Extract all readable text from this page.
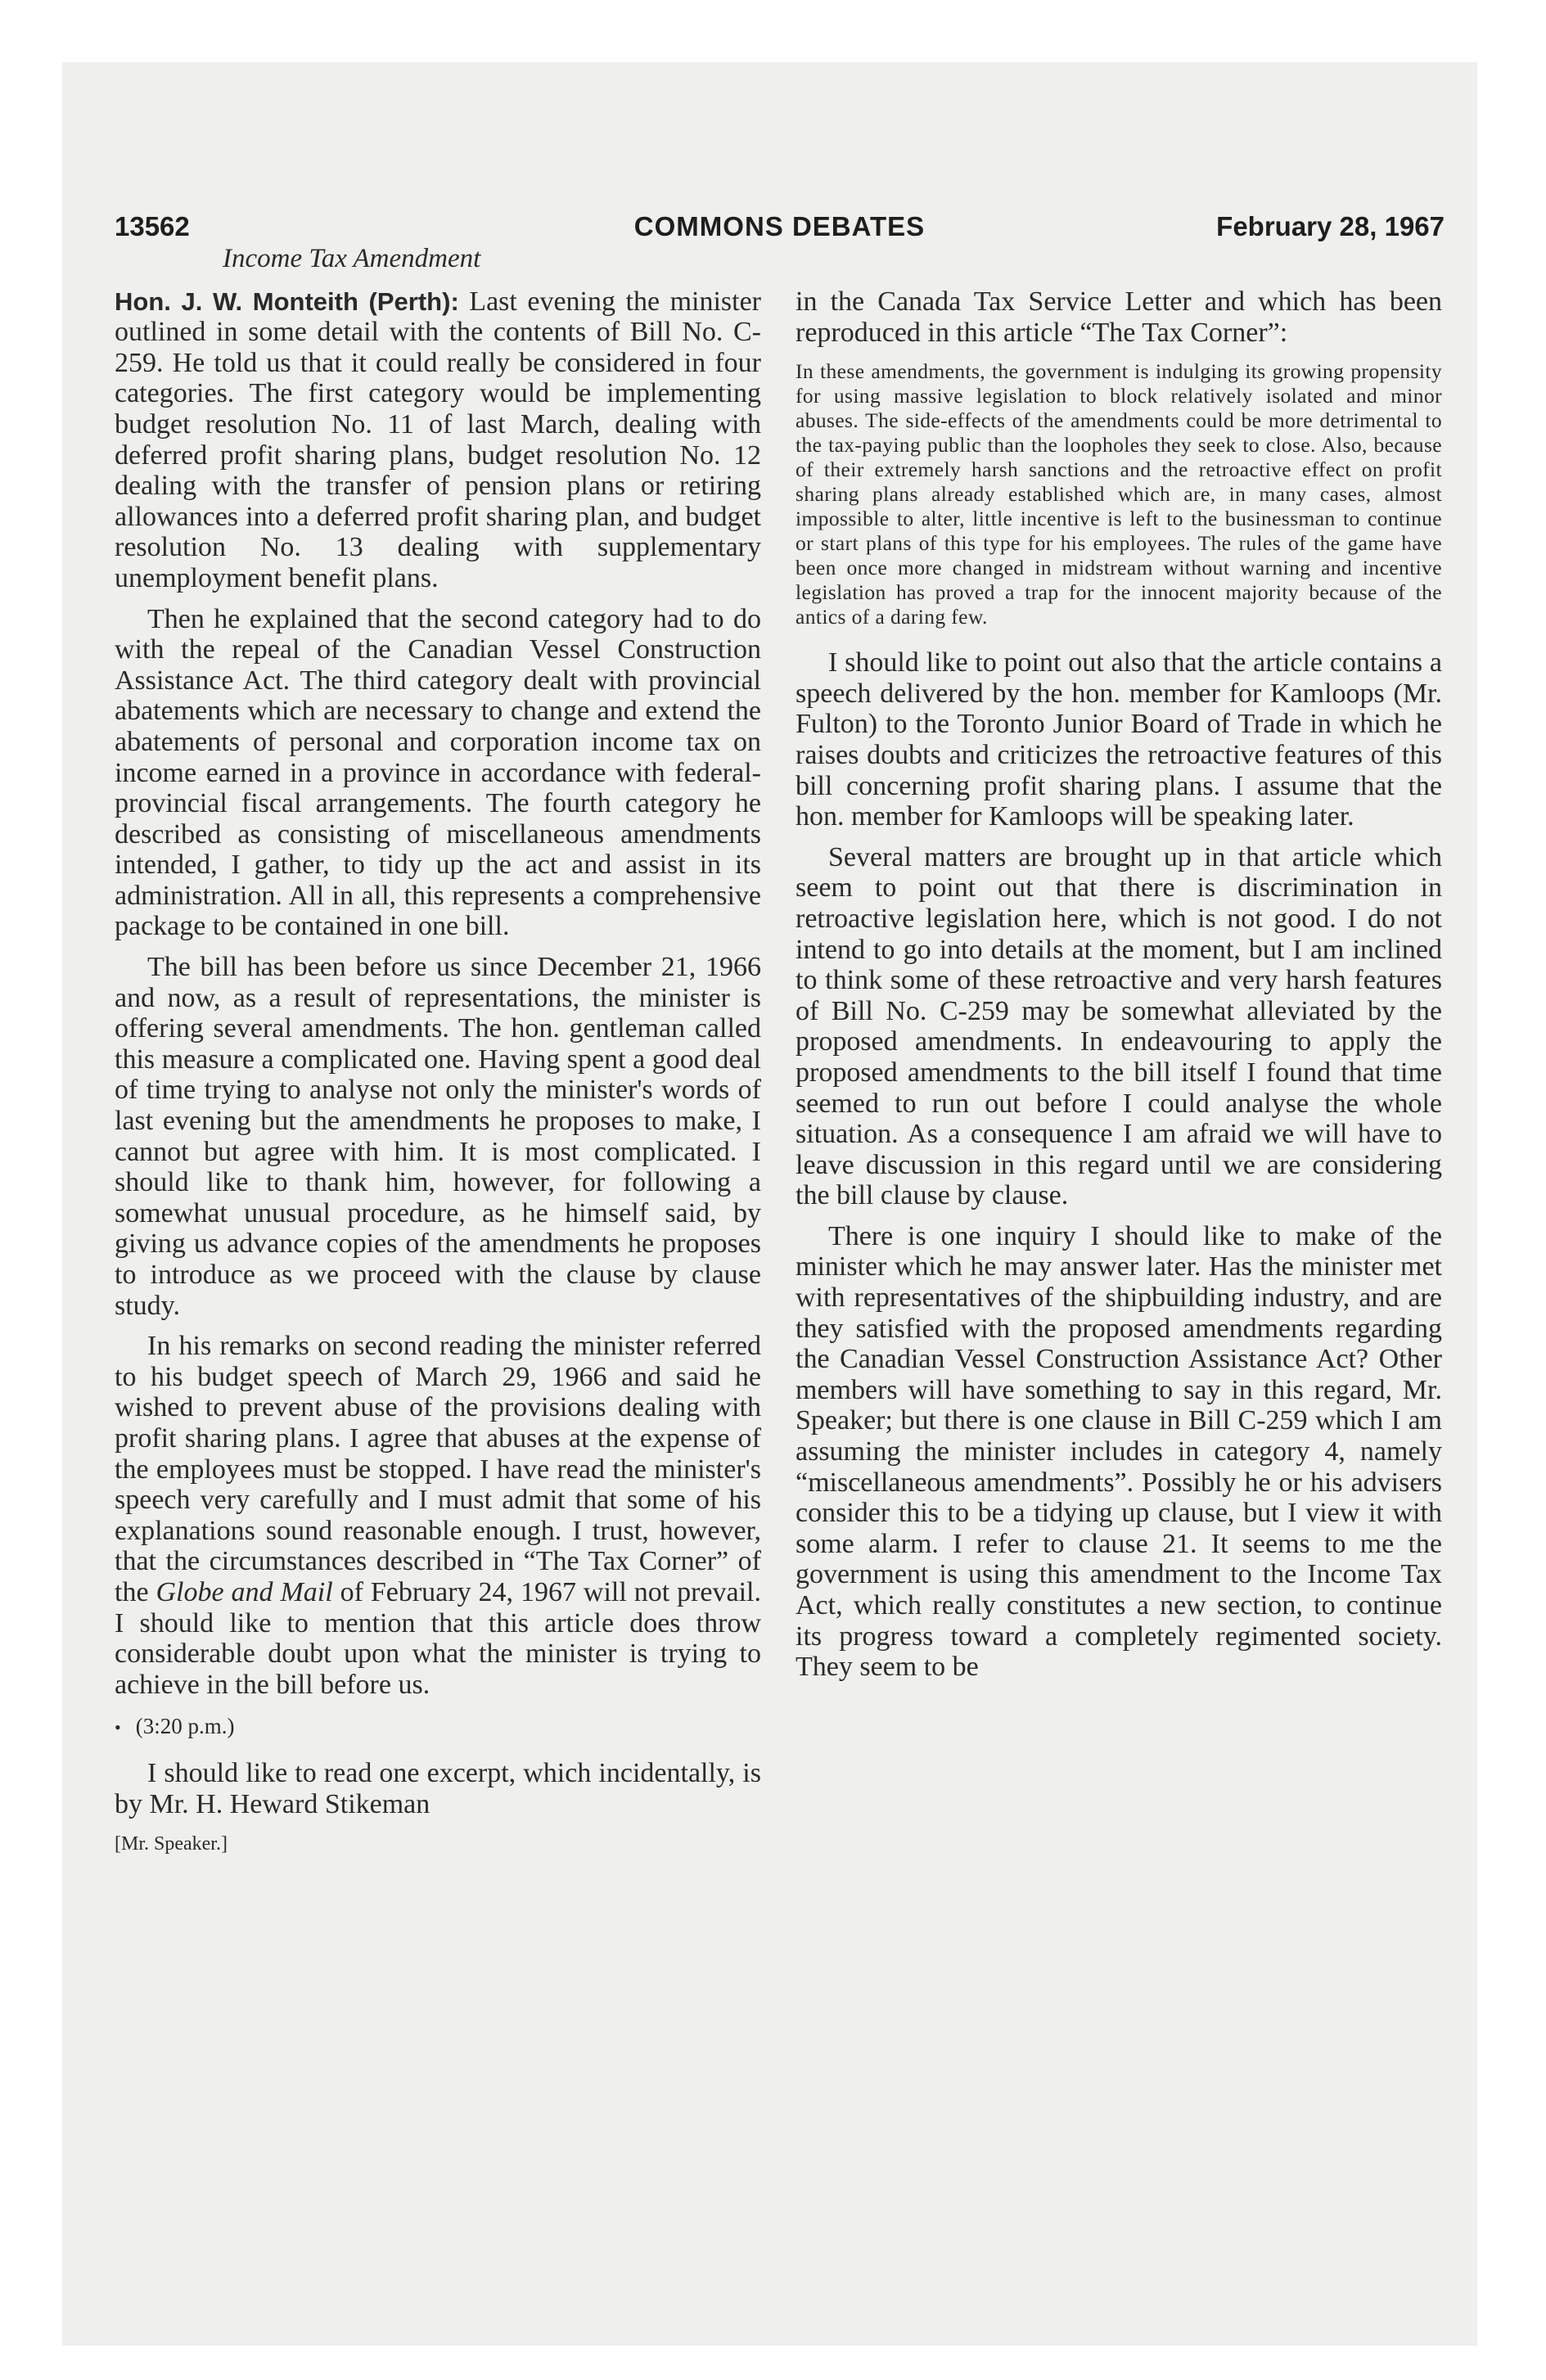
13562	COMMONS DEBATES	February 28, 1967
Income Tax Amendment

Hon. J. W. Monteith (Perth): Last evening the minister outlined in some detail with the contents of Bill No. C-259. He told us that it could really be considered in four categories. The first category would be implementing budget resolution No. 11 of last March, dealing with deferred profit sharing plans, budget resolution No. 12 dealing with the transfer of pension plans or retiring allowances into a deferred profit sharing plan, and budget resolution No. 13 dealing with supplementary unemployment benefit plans.

Then he explained that the second category had to do with the repeal of the Canadian Vessel Construction Assistance Act. The third category dealt with provincial abatements which are necessary to change and extend the abatements of personal and corporation income tax on income earned in a province in accordance with federal-provincial fiscal arrangements. The fourth category he described as consisting of miscellaneous amendments intended, I gather, to tidy up the act and assist in its administration. All in all, this represents a comprehensive package to be contained in one bill.

The bill has been before us since December 21, 1966 and now, as a result of representations, the minister is offering several amendments. The hon. gentleman called this measure a complicated one. Having spent a good deal of time trying to analyse not only the minister's words of last evening but the amendments he proposes to make, I cannot but agree with him. It is most complicated. I should like to thank him, however, for following a somewhat unusual procedure, as he himself said, by giving us advance copies of the amendments he proposes to introduce as we proceed with the clause by clause study.

In his remarks on second reading the minister referred to his budget speech of March 29, 1966 and said he wished to prevent abuse of the provisions dealing with profit sharing plans. I agree that abuses at the expense of the employees must be stopped. I have read the minister's speech very carefully and I must admit that some of his explanations sound reasonable enough. I trust, however, that the circumstances described in “The Tax Corner” of the Globe and Mail of February 24, 1967 will not prevail. I should like to mention that this article does throw considerable doubt upon what the minister is trying to achieve in the bill before us.

• (3:20 p.m.)

I should like to read one excerpt, which incidentally, is by Mr. H. Heward Stikeman

[Mr. Speaker.]

in the Canada Tax Service Letter and which has been reproduced in this article “The Tax Corner”:

In these amendments, the government is indulging its growing propensity for using massive legislation to block relatively isolated and minor abuses. The side-effects of the amendments could be more detrimental to the tax-paying public than the loopholes they seek to close. Also, because of their extremely harsh sanctions and the retroactive effect on profit sharing plans already established which are, in many cases, almost impossible to alter, little incentive is left to the businessman to continue or start plans of this type for his employees. The rules of the game have been once more changed in midstream without warning and incentive legislation has proved a trap for the innocent majority because of the antics of a daring few.

I should like to point out also that the article contains a speech delivered by the hon. member for Kamloops (Mr. Fulton) to the Toronto Junior Board of Trade in which he raises doubts and criticizes the retroactive features of this bill concerning profit sharing plans. I assume that the hon. member for Kamloops will be speaking later.

Several matters are brought up in that article which seem to point out that there is discrimination in retroactive legislation here, which is not good. I do not intend to go into details at the moment, but I am inclined to think some of these retroactive and very harsh features of Bill No. C-259 may be somewhat alleviated by the proposed amendments. In endeavouring to apply the proposed amendments to the bill itself I found that time seemed to run out before I could analyse the whole situation. As a consequence I am afraid we will have to leave discussion in this regard until we are considering the bill clause by clause.

There is one inquiry I should like to make of the minister which he may answer later. Has the minister met with representatives of the shipbuilding industry, and are they satisfied with the proposed amendments regarding the Canadian Vessel Construction Assistance Act? Other members will have something to say in this regard, Mr. Speaker; but there is one clause in Bill C-259 which I am assuming the minister includes in category 4, namely “miscellaneous amendments”. Possibly he or his advisers consider this to be a tidying up clause, but I view it with some alarm. I refer to clause 21. It seems to me the government is using this amendment to the Income Tax Act, which really constitutes a new section, to continue its progress toward a completely regimented society. They seem to be
